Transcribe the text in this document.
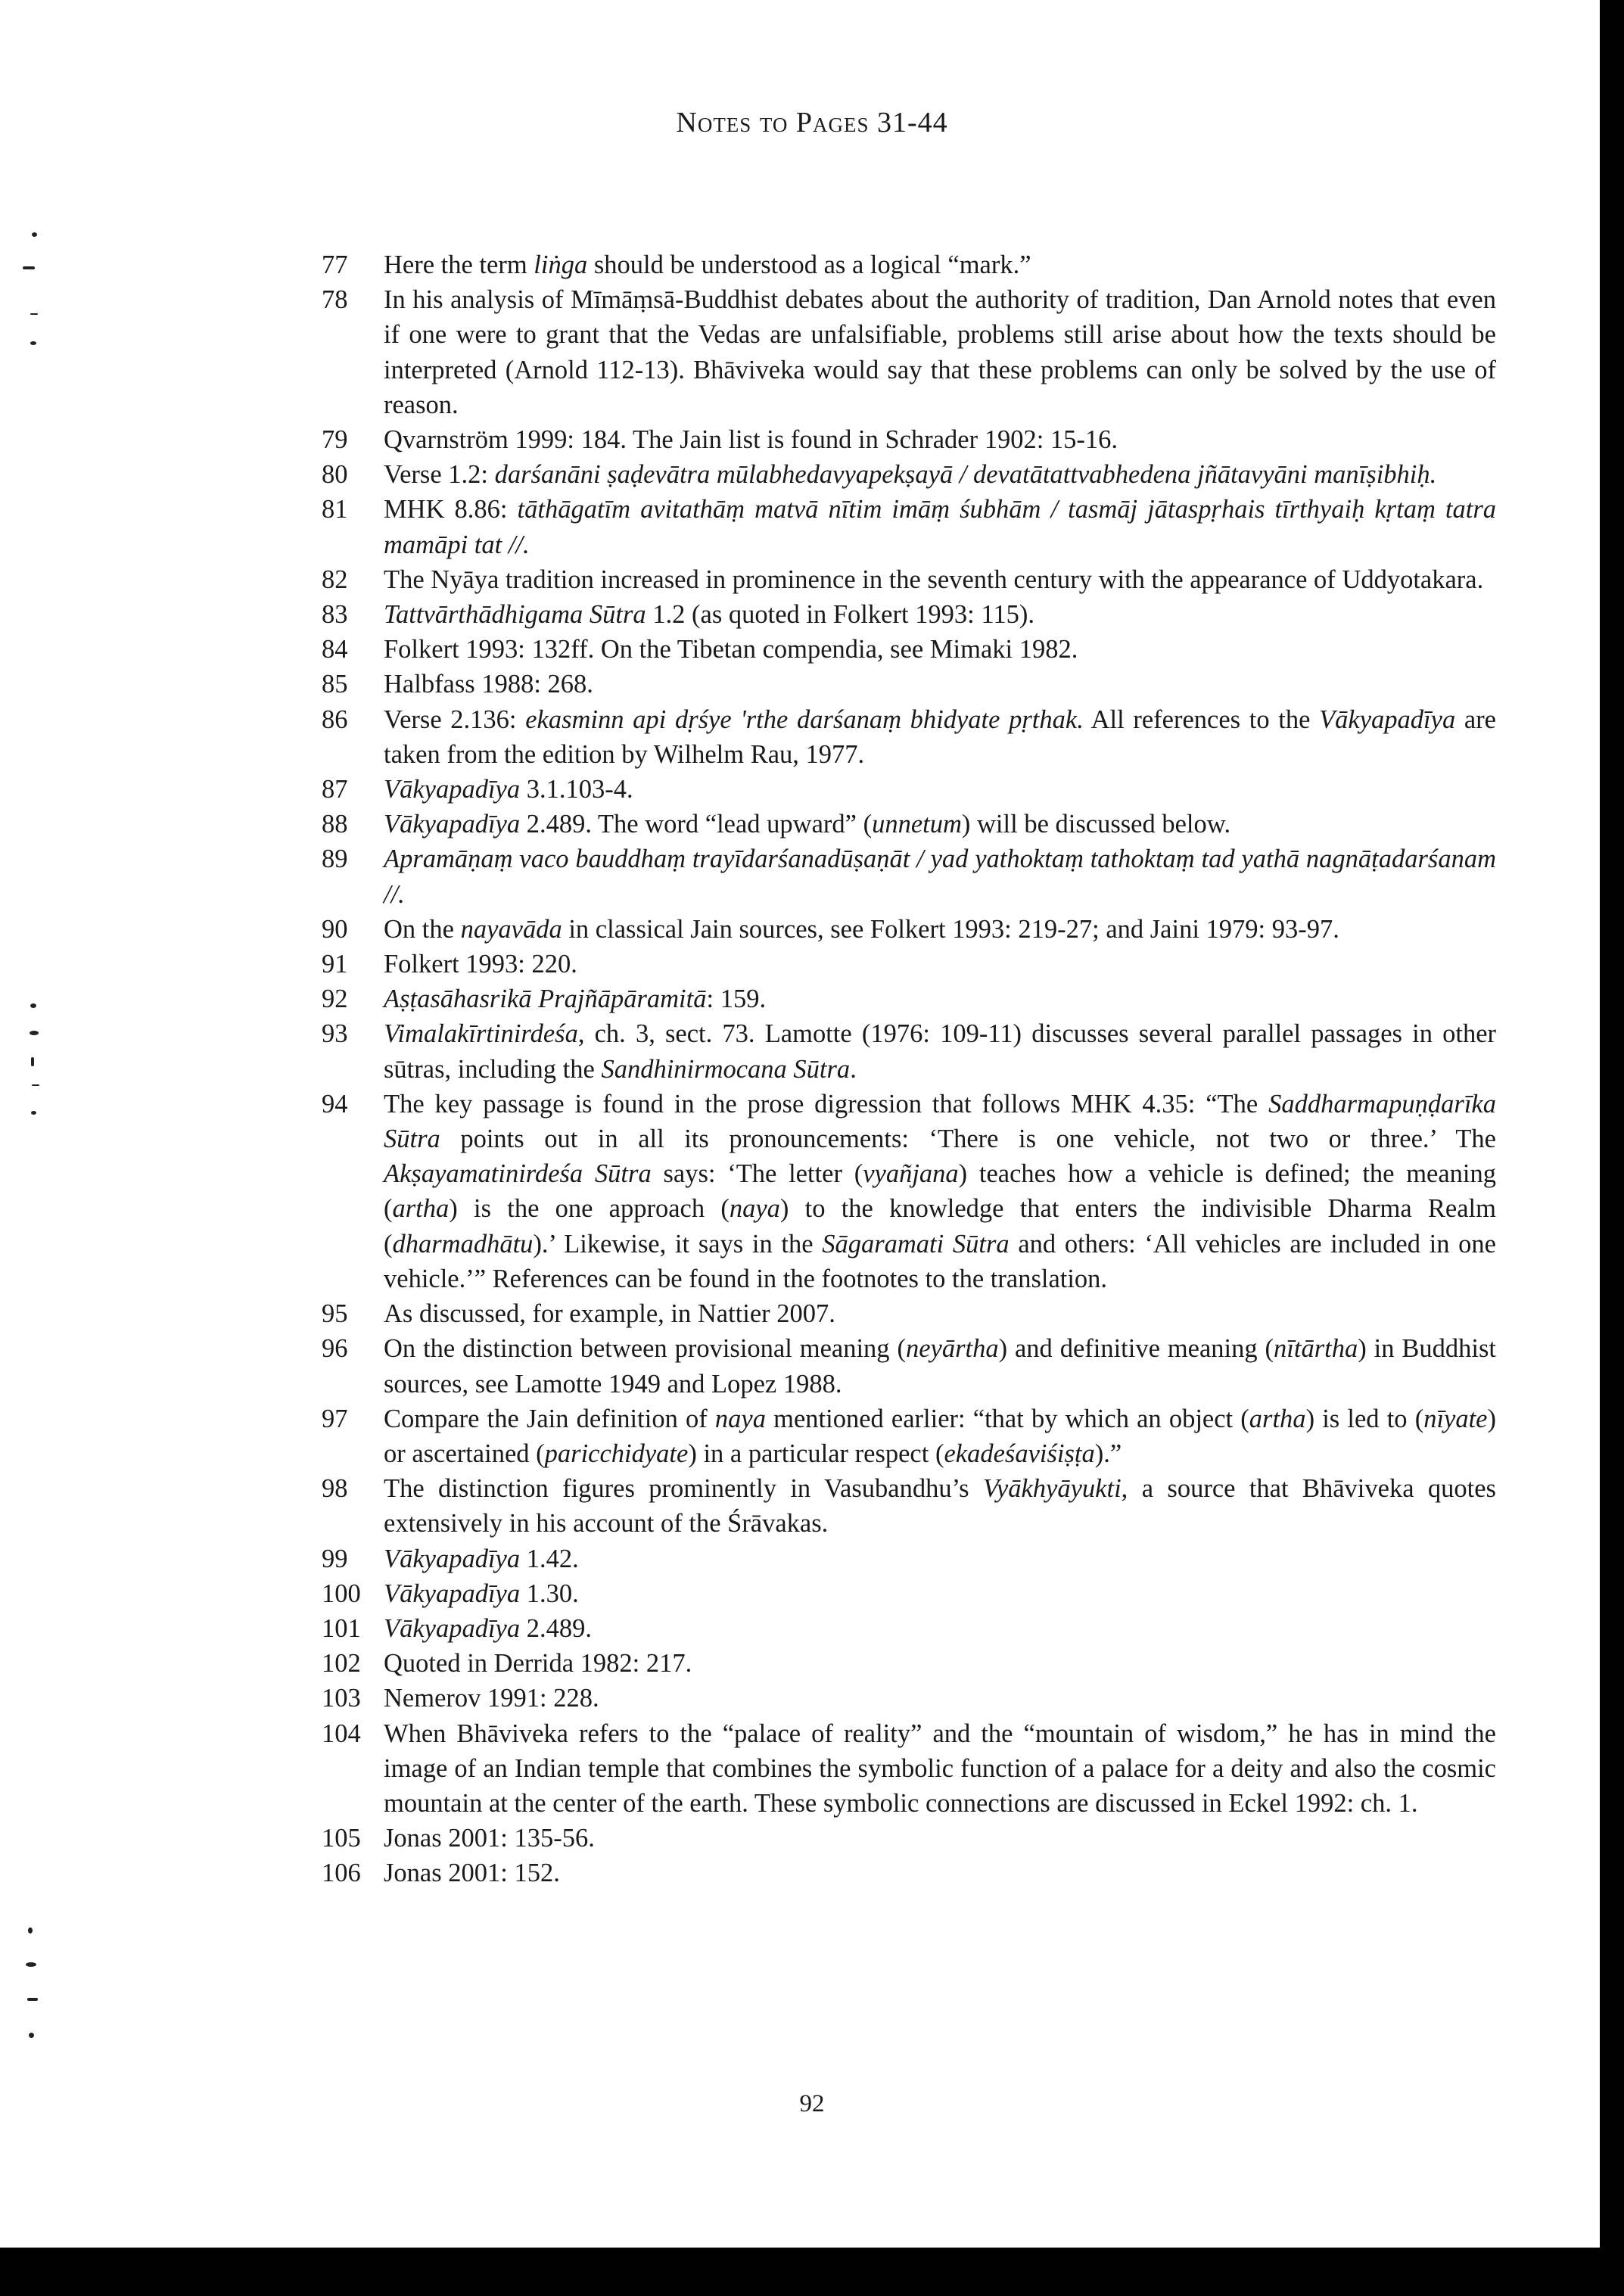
Notes to Pages 31-44
77	Here the term liṅga should be understood as a logical “mark.”
78	In his analysis of Mīmāṃsā-Buddhist debates about the authority of tradition, Dan Arnold notes that even if one were to grant that the Vedas are unfalsifiable, problems still arise about how the texts should be interpreted (Arnold 112-13). Bhāviveka would say that these problems can only be solved by the use of reason.
79	Qvarnström 1999: 184. The Jain list is found in Schrader 1902: 15-16.
80	Verse 1.2: darśanāni ṣaḍevātra mūlabhedavyapekṣayā / devatātattvabhedena jñātavyāni manīṣibhiḥ.
81	MHK 8.86: tāthāgatīm avitathāṃ matvā nītim imāṃ śubhām / tasmāj jātaspṛhais tīrthyaiḥ kṛtaṃ tatra mamāpi tat //.
82	The Nyāya tradition increased in prominence in the seventh century with the appearance of Uddyotakara.
83	Tattvārthādhigama Sūtra 1.2 (as quoted in Folkert 1993: 115).
84	Folkert 1993: 132ff. On the Tibetan compendia, see Mimaki 1982.
85	Halbfass 1988: 268.
86	Verse 2.136: ekasminn api dṛśye 'rthe darśanaṃ bhidyate pṛthak. All references to the Vākyapadīya are taken from the edition by Wilhelm Rau, 1977.
87	Vākyapadīya 3.1.103-4.
88	Vākyapadīya 2.489. The word “lead upward” (unnetum) will be discussed below.
89	Apramāṇaṃ vaco bauddhaṃ trayīdarśanadūṣaṇāt / yad yathoktaṃ tathoktaṃ tad yathā nagnāṭadarśanam //.
90	On the nayavāda in classical Jain sources, see Folkert 1993: 219-27; and Jaini 1979: 93-97.
91	Folkert 1993: 220.
92	Aṣṭasāhasrikā Prajñāpāramitā: 159.
93	Vimalakīrtinirdeśa, ch. 3, sect. 73. Lamotte (1976: 109-11) discusses several parallel passages in other sūtras, including the Sandhinirmocana Sūtra.
94	The key passage is found in the prose digression that follows MHK 4.35: “The Saddharmapuṇḍarīka Sūtra points out in all its pronouncements: ‘There is one vehicle, not two or three.’ The Akṣayamatinirdeśa Sūtra says: ‘The letter (vyañjana) teaches how a vehicle is defined; the meaning (artha) is the one approach (naya) to the knowledge that enters the indivisible Dharma Realm (dharmadhātu).’ Likewise, it says in the Sāgaramati Sūtra and others: ‘All vehicles are included in one vehicle.’” References can be found in the footnotes to the translation.
95	As discussed, for example, in Nattier 2007.
96	On the distinction between provisional meaning (neyārtha) and definitive meaning (nītārtha) in Buddhist sources, see Lamotte 1949 and Lopez 1988.
97	Compare the Jain definition of naya mentioned earlier: “that by which an object (artha) is led to (nīyate) or ascertained (paricchidyate) in a particular respect (ekadeśaviśiṣṭa).”
98	The distinction figures prominently in Vasubandhu’s Vyākhyāyukti, a source that Bhāviveka quotes extensively in his account of the Śrāvakas.
99	Vākyapadīya 1.42.
100 Vākyapadīya 1.30.
101 Vākyapadīya 2.489.
102 Quoted in Derrida 1982: 217.
103 Nemerov 1991: 228.
104 When Bhāviveka refers to the “palace of reality” and the “mountain of wisdom,” he has in mind the image of an Indian temple that combines the symbolic function of a palace for a deity and also the cosmic mountain at the center of the earth. These symbolic connections are discussed in Eckel 1992: ch. 1.
105 Jonas 2001: 135-56.
106 Jonas 2001: 152.
92
